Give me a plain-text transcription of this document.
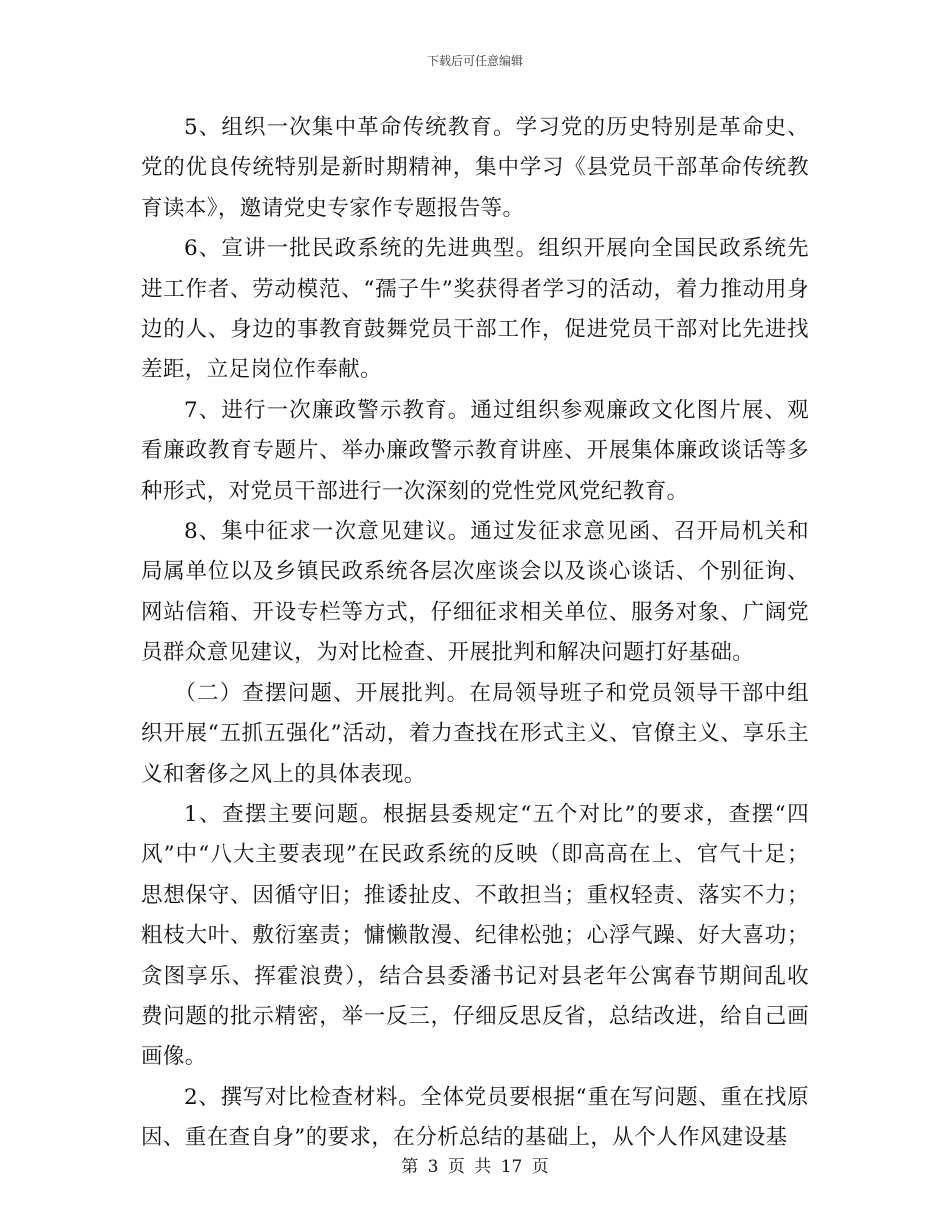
下载后可任意编辑

5、组织一次集中革命传统教育。学习党的历史特别是革命史、党的优良传统特别是新时期精神，集中学习《县党员干部革命传统教育读本》，邀请党史专家作专题报告等。

6、宣讲一批民政系统的先进典型。组织开展向全国民政系统先进工作者、劳动模范、“孺子牛”奖获得者学习的活动，着力推动用身边的人、身边的事教育鼓舞党员干部工作，促进党员干部对比先进找差距，立足岗位作奉献。

7、进行一次廉政警示教育。通过组织参观廉政文化图片展、观看廉政教育专题片、举办廉政警示教育讲座、开展集体廉政谈话等多种形式，对党员干部进行一次深刻的党性党风党纪教育。

8、集中征求一次意见建议。通过发征求意见函、召开局机关和局属单位以及乡镇民政系统各层次座谈会以及谈心谈话、个别征询、网站信箱、开设专栏等方式，仔细征求相关单位、服务对象、广阔党员群众意见建议，为对比检查、开展批判和解决问题打好基础。

（二）查摆问题、开展批判。在局领导班子和党员领导干部中组织开展“五抓五强化”活动，着力查找在形式主义、官僚主义、享乐主义和奢侈之风上的具体表现。

1、查摆主要问题。根据县委规定“五个对比”的要求，查摆“四风”中“八大主要表现”在民政系统的反映（即高高在上、官气十足；思想保守、因循守旧；推诿扯皮、不敢担当；重权轻责、落实不力；粗枝大叶、敷衍塞责；慵懒散漫、纪律松弛；心浮气躁、好大喜功；贪图享乐、挥霍浪费），结合县委潘书记对县老年公寓春节期间乱收费问题的批示精密，举一反三，仔细反思反省，总结改进，给自己画画像。

2、撰写对比检查材料。全体党员要根据“重在写问题、重在找原因、重在查自身”的要求，在分析总结的基础上，从个人作风建设基

第 3 页 共 17 页
